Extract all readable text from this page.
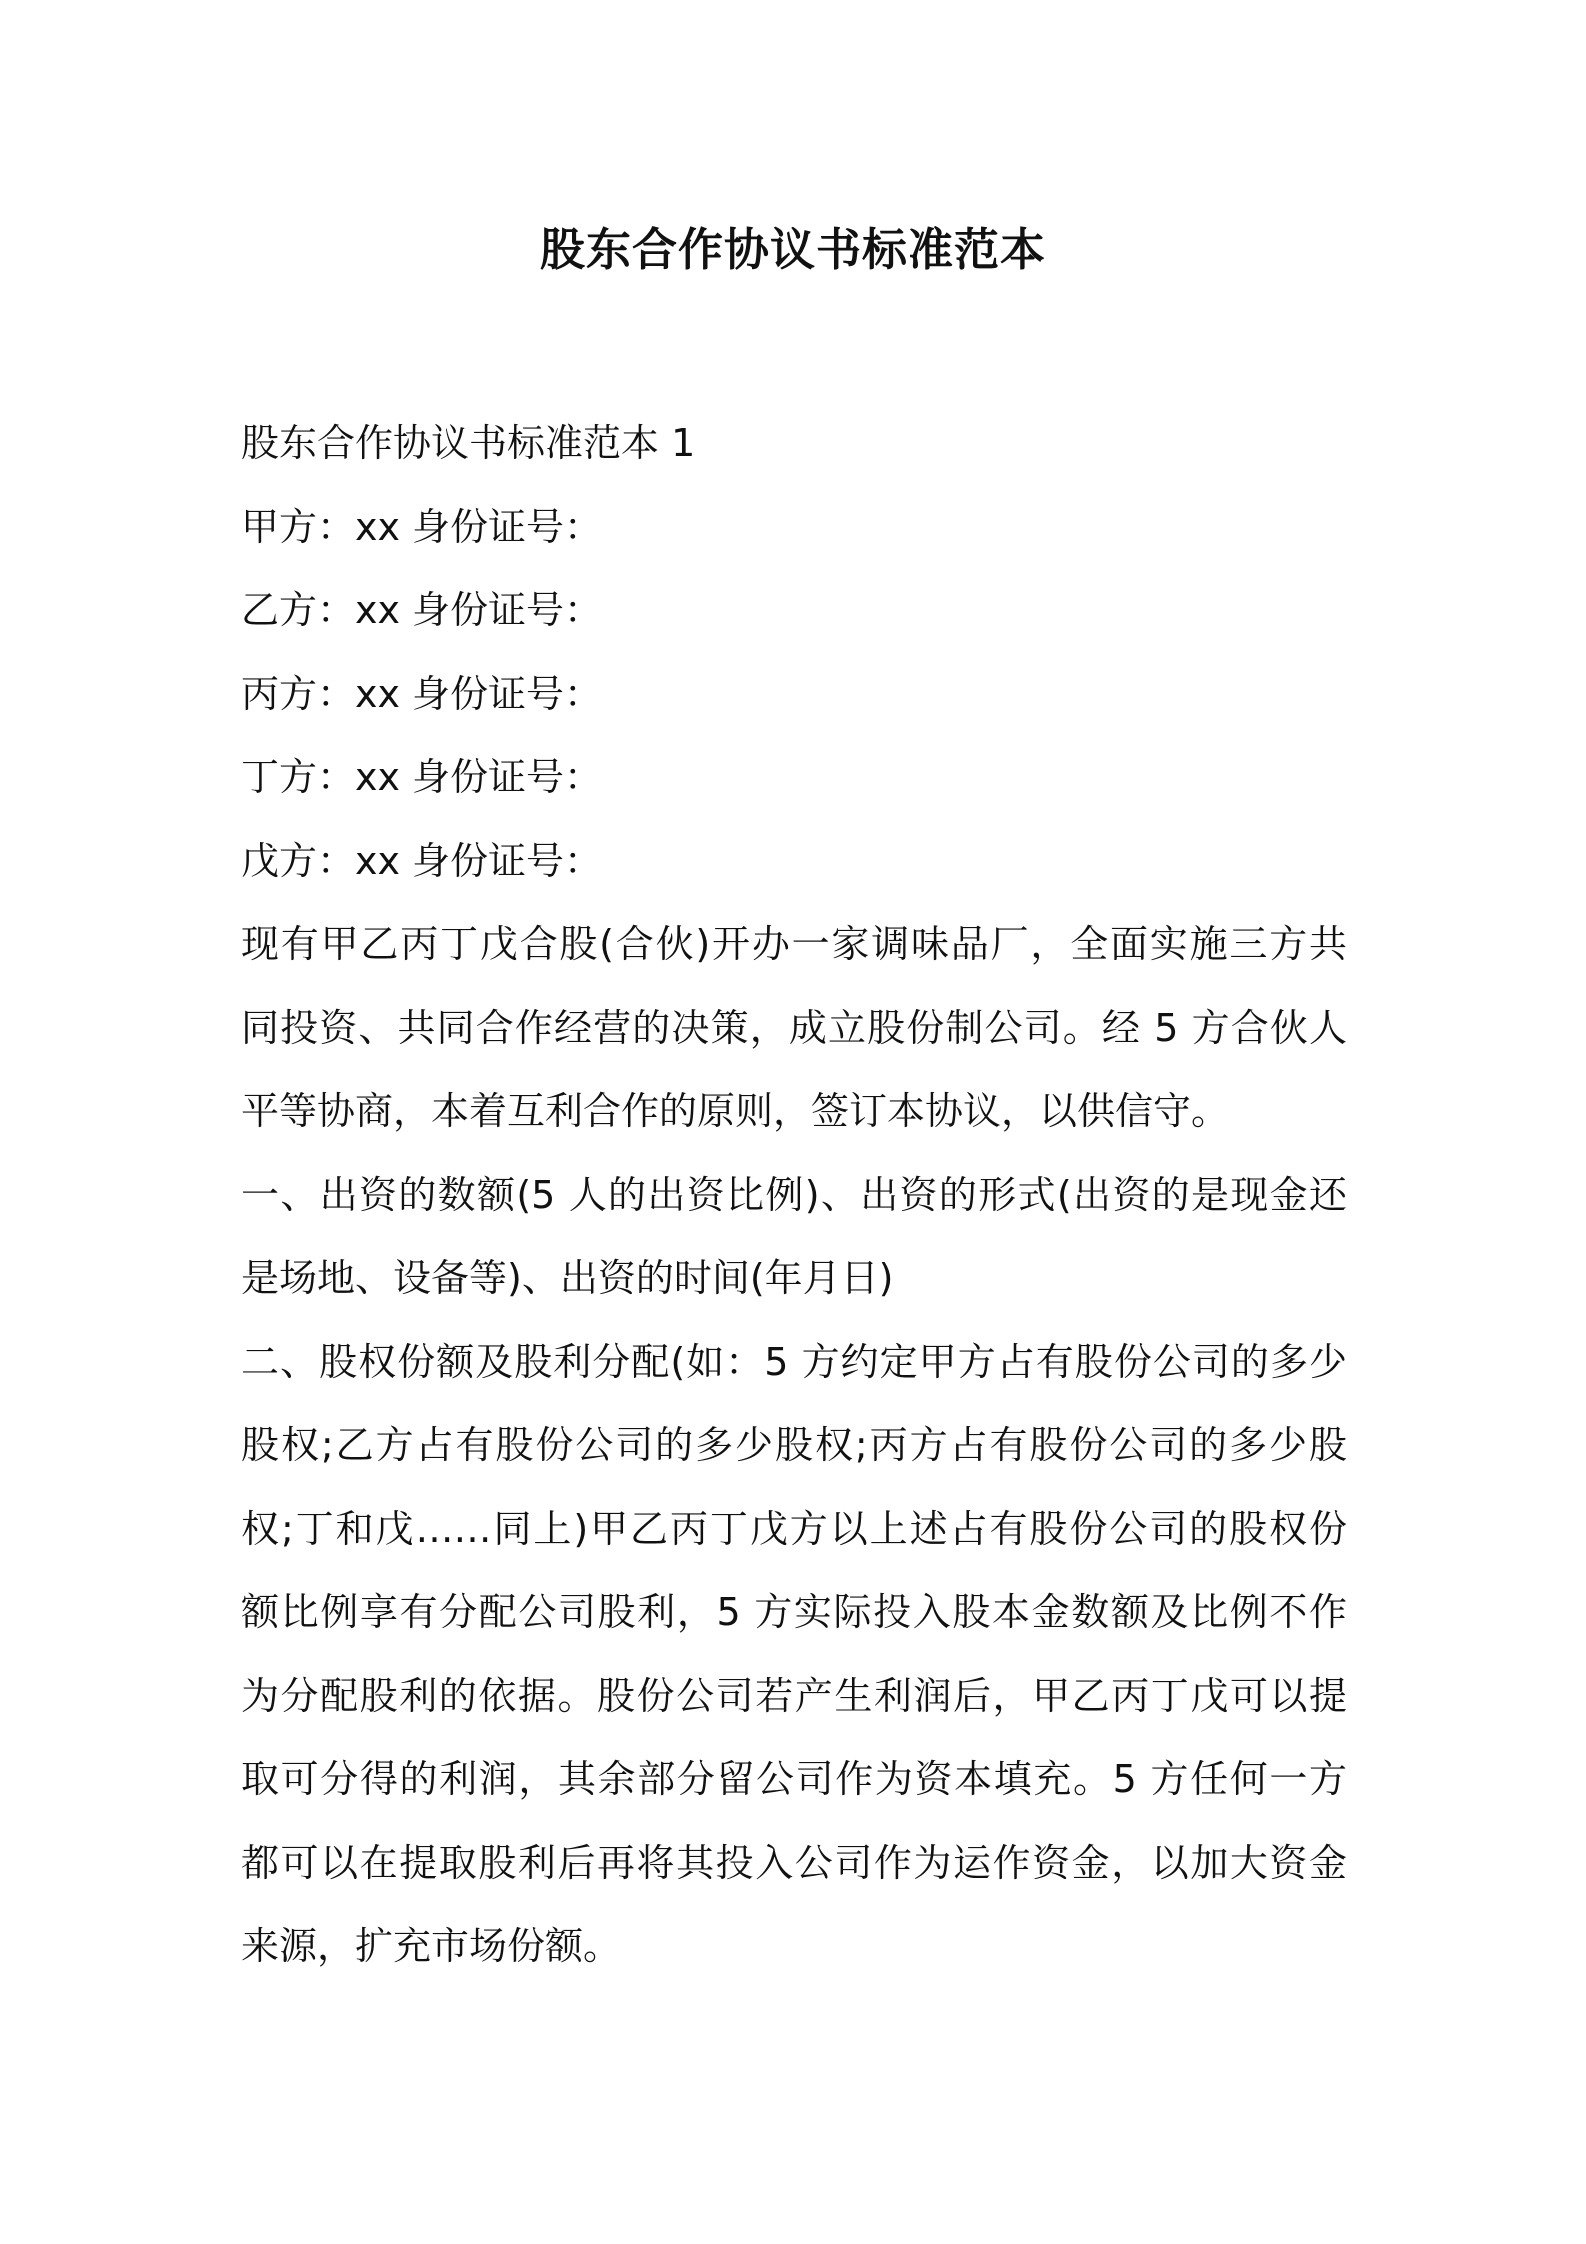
股东合作协议书标准范本
股东合作协议书标准范本 1
甲方：xx 身份证号：
乙方：xx 身份证号：
丙方：xx 身份证号：
丁方：xx 身份证号：
戊方：xx 身份证号：
现有甲乙丙丁戊合股(合伙)开办一家调味品厂，全面实施三方共
同投资、共同合作经营的决策，成立股份制公司。经 5 方合伙人
平等协商，本着互利合作的原则，签订本协议，以供信守。
一、出资的数额(5 人的出资比例)、出资的形式(出资的是现金还
是场地、设备等)、出资的时间(年月日)
二、股权份额及股利分配(如：5 方约定甲方占有股份公司的多少
股权;乙方占有股份公司的多少股权;丙方占有股份公司的多少股
权;丁和戊……同上)甲乙丙丁戊方以上述占有股份公司的股权份
额比例享有分配公司股利，5 方实际投入股本金数额及比例不作
为分配股利的依据。股份公司若产生利润后，甲乙丙丁戊可以提
取可分得的利润，其余部分留公司作为资本填充。5 方任何一方
都可以在提取股利后再将其投入公司作为运作资金，以加大资金
来源，扩充市场份额。
